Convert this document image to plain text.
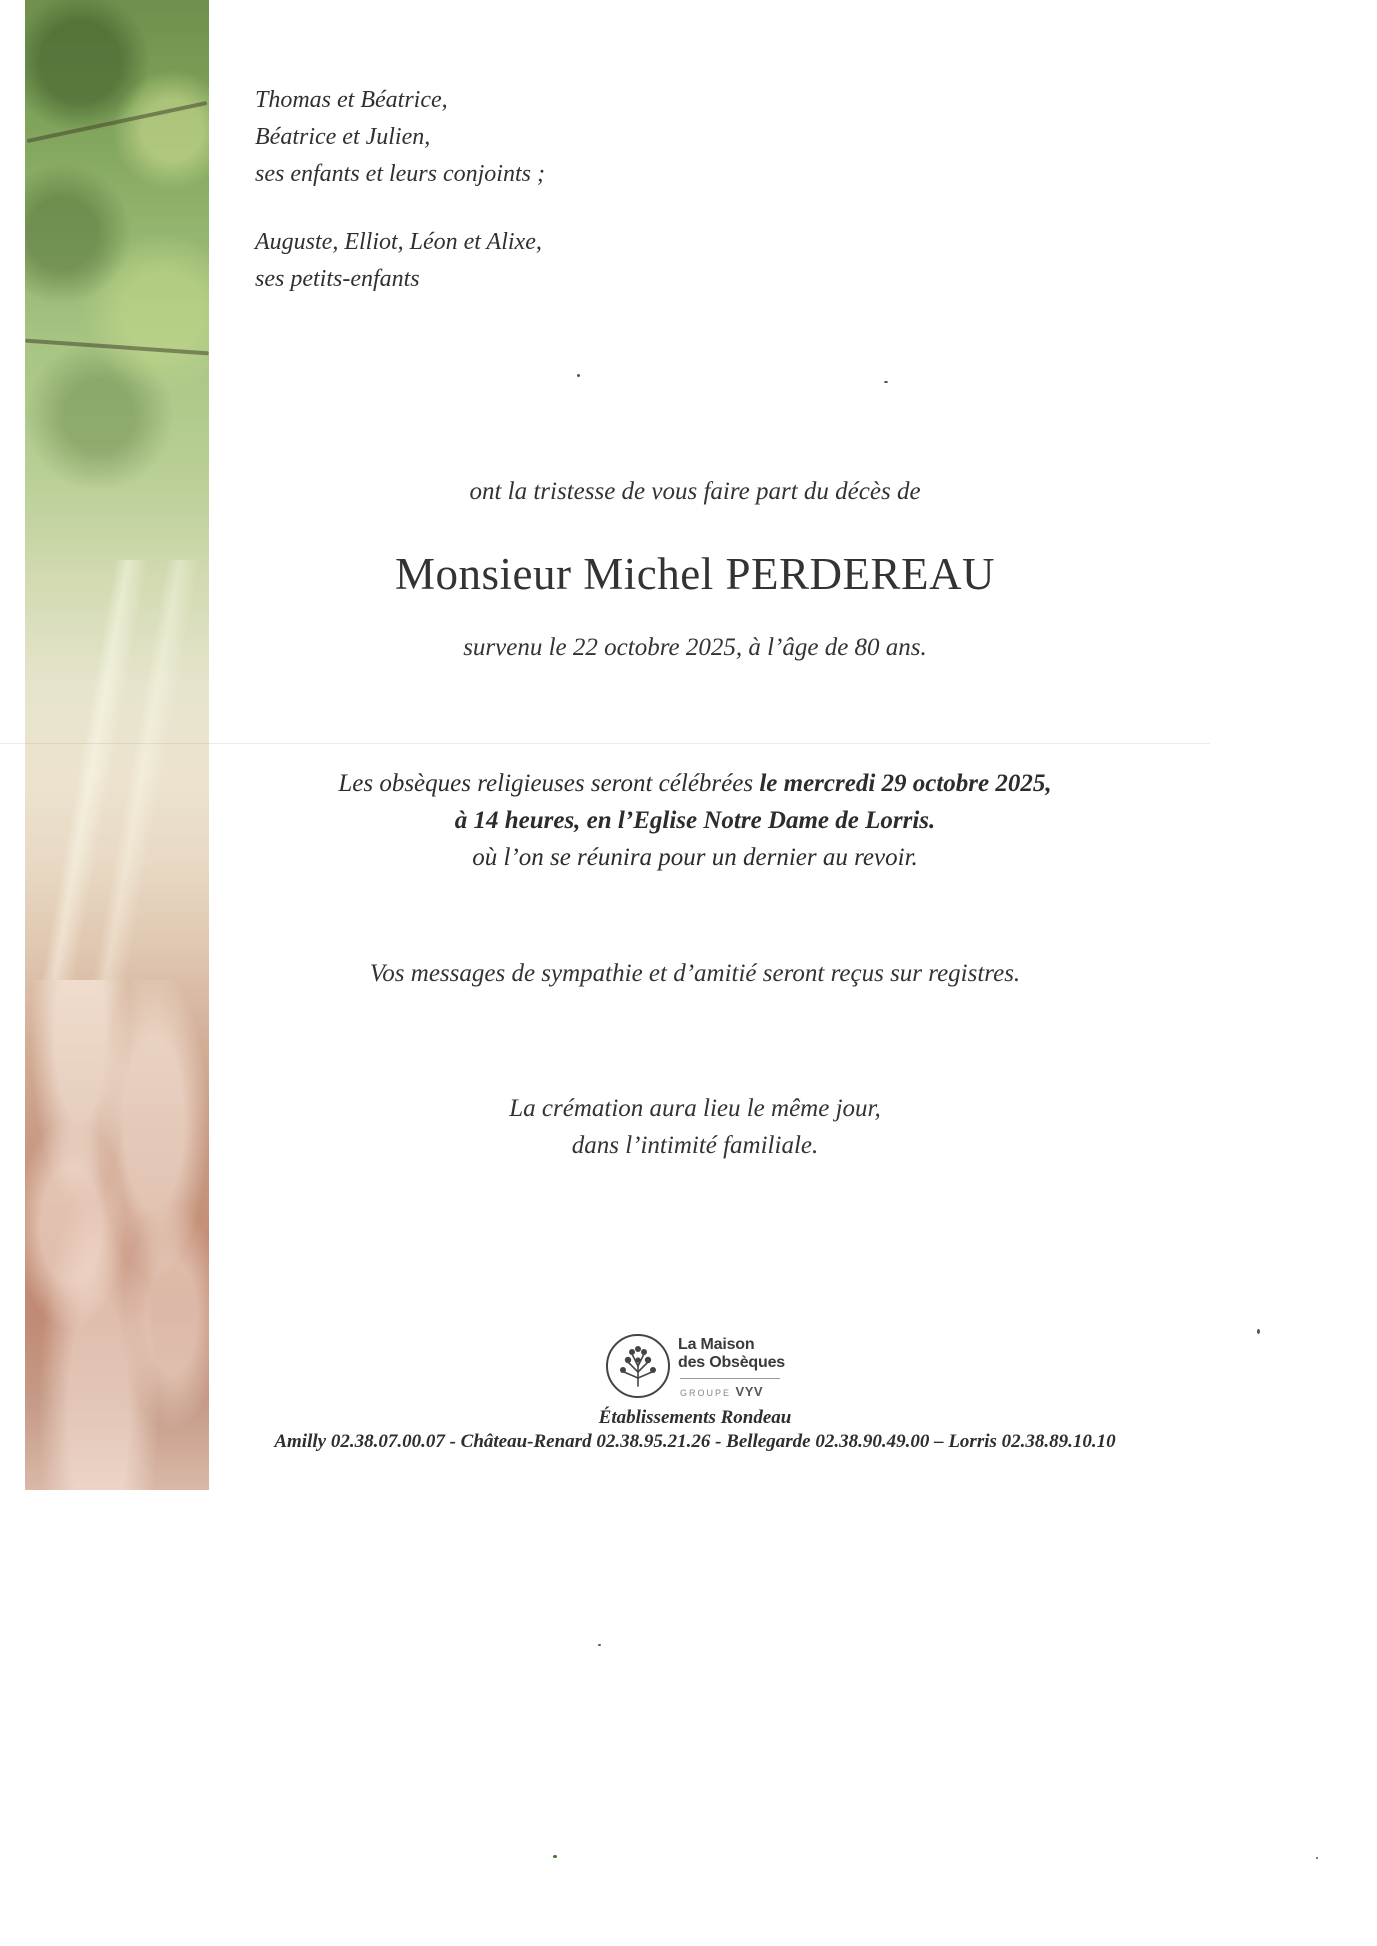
Thomas et Béatrice,
Béatrice et Julien,
ses enfants et leurs conjoints ;
Auguste, Elliot, Léon et Alixe,
ses petits-enfants
ont la tristesse de vous faire part du décès de
Monsieur Michel PERDEREAU
survenu le 22 octobre 2025, à l’âge de 80 ans.
Les obsèques religieuses seront célébrées le mercredi 29 octobre 2025,
à 14 heures, en l’Eglise Notre Dame de Lorris.
où l’on se réunira pour un dernier au revoir.
Vos messages de sympathie et d’amitié seront reçus sur registres.
La crémation aura lieu le même jour,
dans l’intimité familiale.
La Maison
des Obsèques
GROUPE VYV
Établissements Rondeau
Amilly 02.38.07.00.07 - Château-Renard 02.38.95.21.26 - Bellegarde 02.38.90.49.00 – Lorris 02.38.89.10.10
